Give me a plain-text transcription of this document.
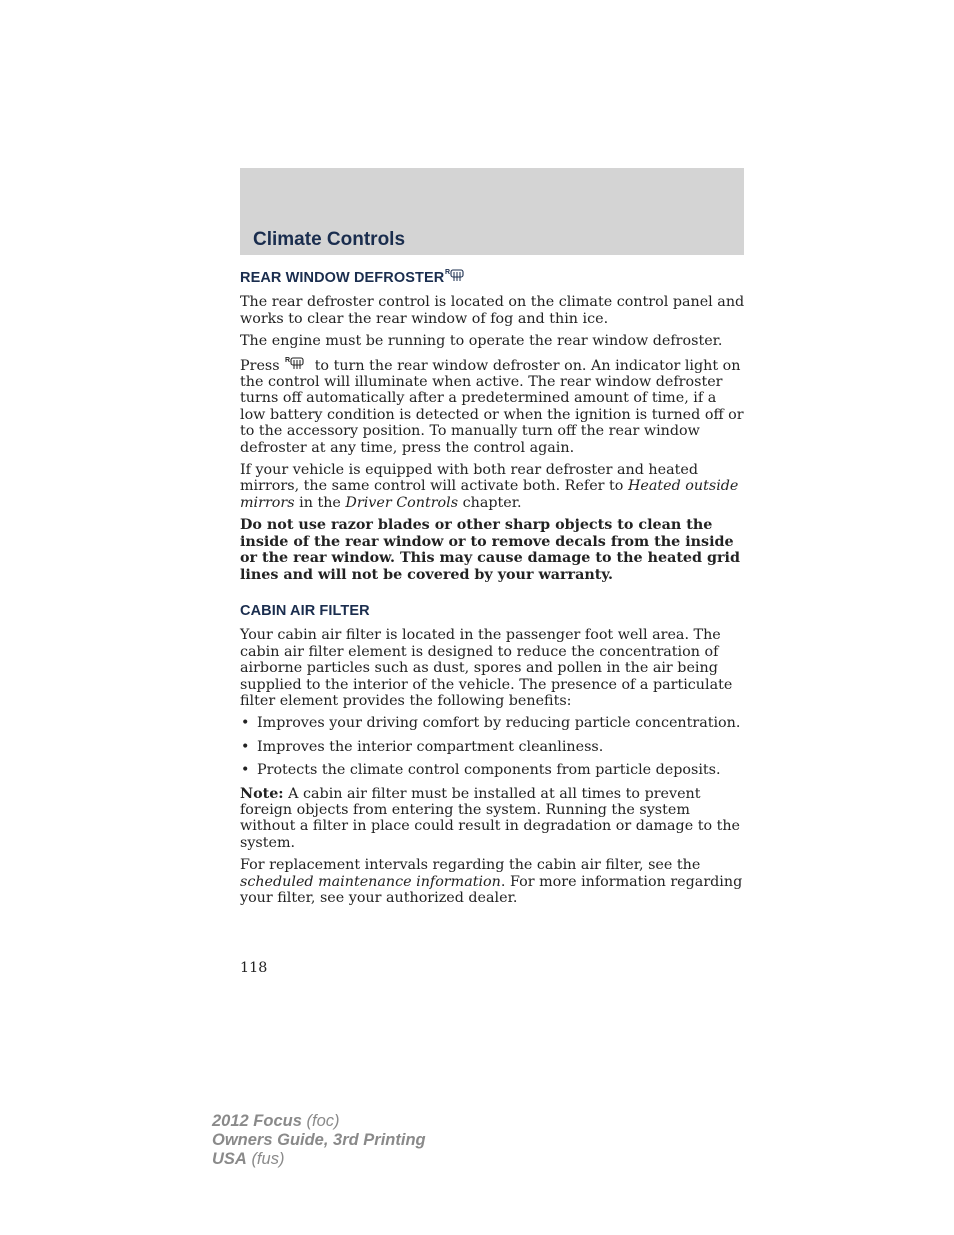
Climate Controls
REAR WINDOW DEFROSTER R

The rear defroster control is located on the climate control panel and works to clear the rear window of fog and thin ice.

The engine must be running to operate the rear window defroster.

Press R to turn the rear window defroster on. An indicator light on the control will illuminate when active. The rear window defroster turns off automatically after a predetermined amount of time, if a low battery condition is detected or when the ignition is turned off or to the accessory position. To manually turn off the rear window defroster at any time, press the control again.

If your vehicle is equipped with both rear defroster and heated mirrors, the same control will activate both. Refer to Heated outside mirrors in the Driver Controls chapter.

Do not use razor blades or other sharp objects to clean the inside of the rear window or to remove decals from the inside or the rear window. This may cause damage to the heated grid lines and will not be covered by your warranty.

CABIN AIR FILTER

Your cabin air filter is located in the passenger foot well area. The cabin air filter element is designed to reduce the concentration of airborne particles such as dust, spores and pollen in the air being supplied to the interior of the vehicle. The presence of a particulate filter element provides the following benefits:

• Improves your driving comfort by reducing particle concentration.
• Improves the interior compartment cleanliness.
• Protects the climate control components from particle deposits.

Note: A cabin air filter must be installed at all times to prevent foreign objects from entering the system. Running the system without a filter in place could result in degradation or damage to the system.

For replacement intervals regarding the cabin air filter, see the scheduled maintenance information. For more information regarding your filter, see your authorized dealer.

118
2012 Focus (foc)
Owners Guide, 3rd Printing
USA (fus)
